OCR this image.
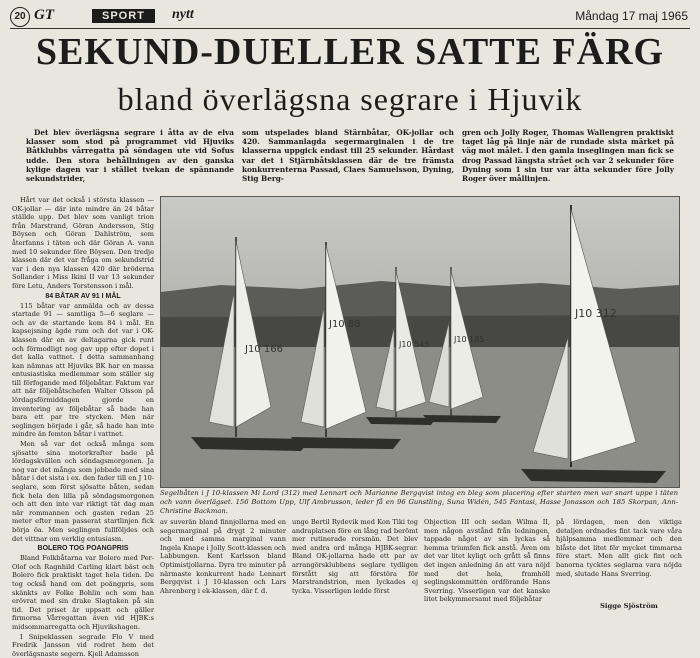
20 GT	SPORT	nytt	Måndag 17 maj 1965
SEKUND-DUELLER SATTE FÄRG
bland överlägsna segrare i Hjuvik

Det blev överlägsna segrare i åtta av de elva klasser som stod på programmet vid Hjuviks Båtklubbs vårregatta på söndagen ute vid Sofus udde. Den stora behållningen av den ganska kylige dagen var i stället tvekan de spännande sekundstrider,

som utspelades bland Stärnbåtar, OK-jollar och 420. Sammanlagda segermarginalen i de tre klasserna uppgick endast till 25 sekunder. Hårdast var det i Stjärnbåtsklassen där de tre främsta konkurrenterna Passad, Claes Samuelsson, Dyning, Stig Berg-

gren och Jolly Roger, Thomas Wallengren praktiskt taget låg på linje när de rundade sista märket på väg mot målet. I den gamla inseglingen man fick se drog Passad längsta strået och var 2 sekunder före Dyning som 1 sin tur var åtta sekunder före Jolly Roger över mållinjen.

Hårt var det också i största klassen — OK-jollar — där inte mindre än 24 båtar ställde upp. Det blev som vanligt trion från Marstrand, Göran Andersson, Stig Böysen och Göran Dahlström, som återfanns i täten och där Göran A. vann med 10 sekunder före Böysen. Den tredje klassen där det var fråga om sekundstrid var i den nya klassen 420 där bröderna Sollander i Miss Ikini II var 13 sekunder före Letu, Anders Torstensson i mål.

84 BÅTAR AV 91 I MÅL

115 båtar var anmälda och av dessa startade 91 — samtliga 5—6 seglare — och av de startande kom 84 i mål. En kapsejsning ägde rum och det var i OK-klassen där en av deltagarna gick runt och förmodligt nog gav upp efter dopet i det kalla vattnet. I detta sammanhang kan nämnas att Hjuviks BK har en massa entusiastiska medlemmar som ställer sig till förfogande med följebåtar. Faktum var att när följebåtschefen Walter Olsson på lördagsförmiddagen gjorde en inventering av följebåtar så hade han bara ett par tre stycken. Men när seglingen började i går, så hade han inte mindre än femton båtar i vattnet.

Men så var det också många som sjösatte sina motorkrafter bade på lördagskvällen och söndagsmorgonen. Ja nog var det många som jobbade med sina båtar i det sista i ex. den fader till en J 10-seglare, som först sjösatte båten, sedan fick hela den lilla på söndagsmorgonen och att den inte var riktigt tät dag man när rommannen och gasten redan 25 meter efter man passerat startlinjen fick börja öa. Men seglingen fullföljdes och det vittnar om verklig entusiasm.

BOLERO TOG POANGPRIS

Bland Folkbåtarna var Bolero med Per-Olof och Ragnhild Carling klart bäst och Bolero fick praktiskt taget hela tiden. De tog också hand om det poängpris, som skänkts av Folke Bohlin och som han erövrat med sin drake Slagtaken på sin tid. Det priset är uppsatt och gäller firmorna Vårregattan även vid HJBK:s midsommarregatta och Hjuvikshagen.

I Snipeklassen segrade Flo V med Fredrik Jansson vid rodret hem det överlägsnaste segern. Kjell Adamsson

J10 166
J10 88
J10 545
J10 185
J10 312
Segelbåten i J 10-klassen Mi Lord (312) med Lennart och Marianne Bergqvist intog en bleg som placering efter starten men var snart uppe i täten och vann överlägset. 156 Bottom Upp, Ulf Ambrusson, leder få en 96 Gunstling, Suna Widén, 545 Fantasi, Hasse Jonasson och 185 Skorpan, Ann-Christine Backman.

av suverän bland finnjollarna med en segermarginal på drygt 2 minuter och med samma marginal vann Ingela Knape i Jolly Scott-klassen och Labbungen. Kent Karlsson bland Optimistjollarna. Dyra tre minuter på närmaste konkurrent hade Lennart Bergqvist i J 10-klassen och Lars Ahrenberg i ek-klassen, där f. d.

unge Bertil Rydevik med Kon Tiki tog andraplatsen före en lång rad berömt mer rutinerade rorsmän. Det blev med andra ord många HJBK-segrar. Bland OK-jollarna hade ett par av arrangörsklubbens seglare tydligen förstått sig att förstöra för Marstrandstrion, men lyckades ej tycka. Visserligen ledde först

Objection III och sedan Wilma II, men någon avstånd från ledningen, tappade något av sin lyckas så hemma triumfen fick anstå. Även om det var litet kyligt och grått så finns det ingen anledning än att vara nöjd med det hela, framhöll seglingskommittén ordförande Hans Sverring. Visserligen var det kanske litet bekymmersamt med följebåtar

på lördagen, men den viktiga detaljen ordnades fint tack vare våra hjälpsamma medlemmar och den blåste det litet för mycket timmarna före start. Men allt gick fint och banorna tycktes seglarna vara nöjda med, slutade Hans Sverring.

Sigge Sjöström
